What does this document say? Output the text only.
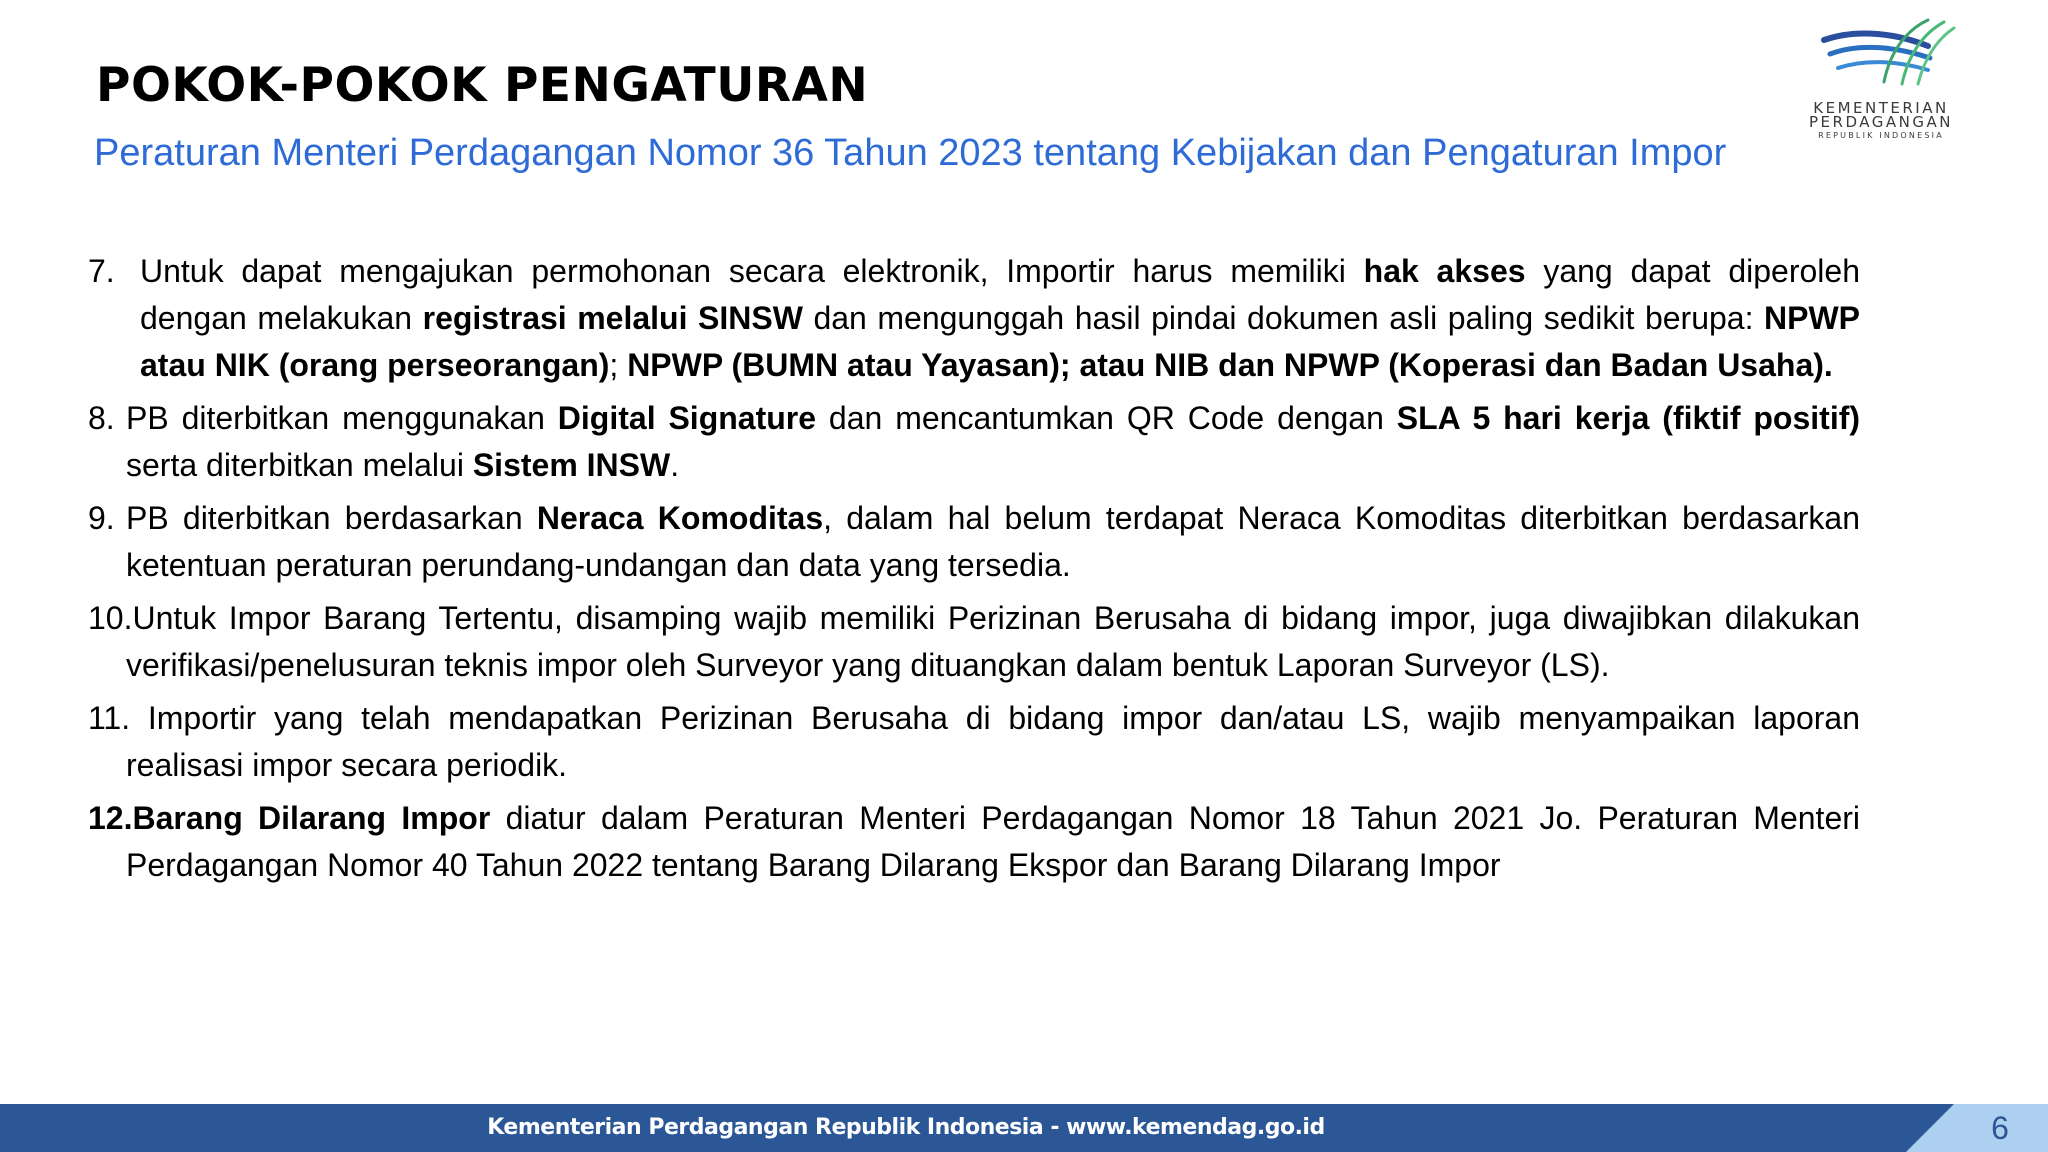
POKOK-POKOK PENGATURAN
Peraturan Menteri Perdagangan Nomor 36 Tahun 2023 tentang Kebijakan dan Pengaturan Impor
KEMENTERIAN
PERDAGANGAN
REPUBLIK INDONESIA
7. Untuk dapat mengajukan permohonan secara elektronik, Importir harus memiliki hak akses yang dapat diperoleh dengan melakukan registrasi melalui SINSW dan mengunggah hasil pindai dokumen asli paling sedikit berupa: NPWP atau NIK (orang perseorangan); NPWP (BUMN atau Yayasan); atau NIB dan NPWP (Koperasi dan Badan Usaha).
8. PB diterbitkan menggunakan Digital Signature dan mencantumkan QR Code dengan SLA 5 hari kerja (fiktif positif) serta diterbitkan melalui Sistem INSW.
9. PB diterbitkan berdasarkan Neraca Komoditas, dalam hal belum terdapat Neraca Komoditas diterbitkan berdasarkan ketentuan peraturan perundang-undangan dan data yang tersedia.
10.Untuk Impor Barang Tertentu, disamping wajib memiliki Perizinan Berusaha di bidang impor, juga diwajibkan dilakukan verifikasi/penelusuran teknis impor oleh Surveyor yang dituangkan dalam bentuk Laporan Surveyor (LS).
11. Importir yang telah mendapatkan Perizinan Berusaha di bidang impor dan/atau LS, wajib menyampaikan laporan realisasi impor secara periodik.
12.Barang Dilarang Impor diatur dalam Peraturan Menteri Perdagangan Nomor 18 Tahun 2021 Jo. Peraturan Menteri Perdagangan Nomor 40 Tahun 2022 tentang Barang Dilarang Ekspor dan Barang Dilarang Impor
Kementerian Perdagangan Republik Indonesia - www.kemendag.go.id	6
